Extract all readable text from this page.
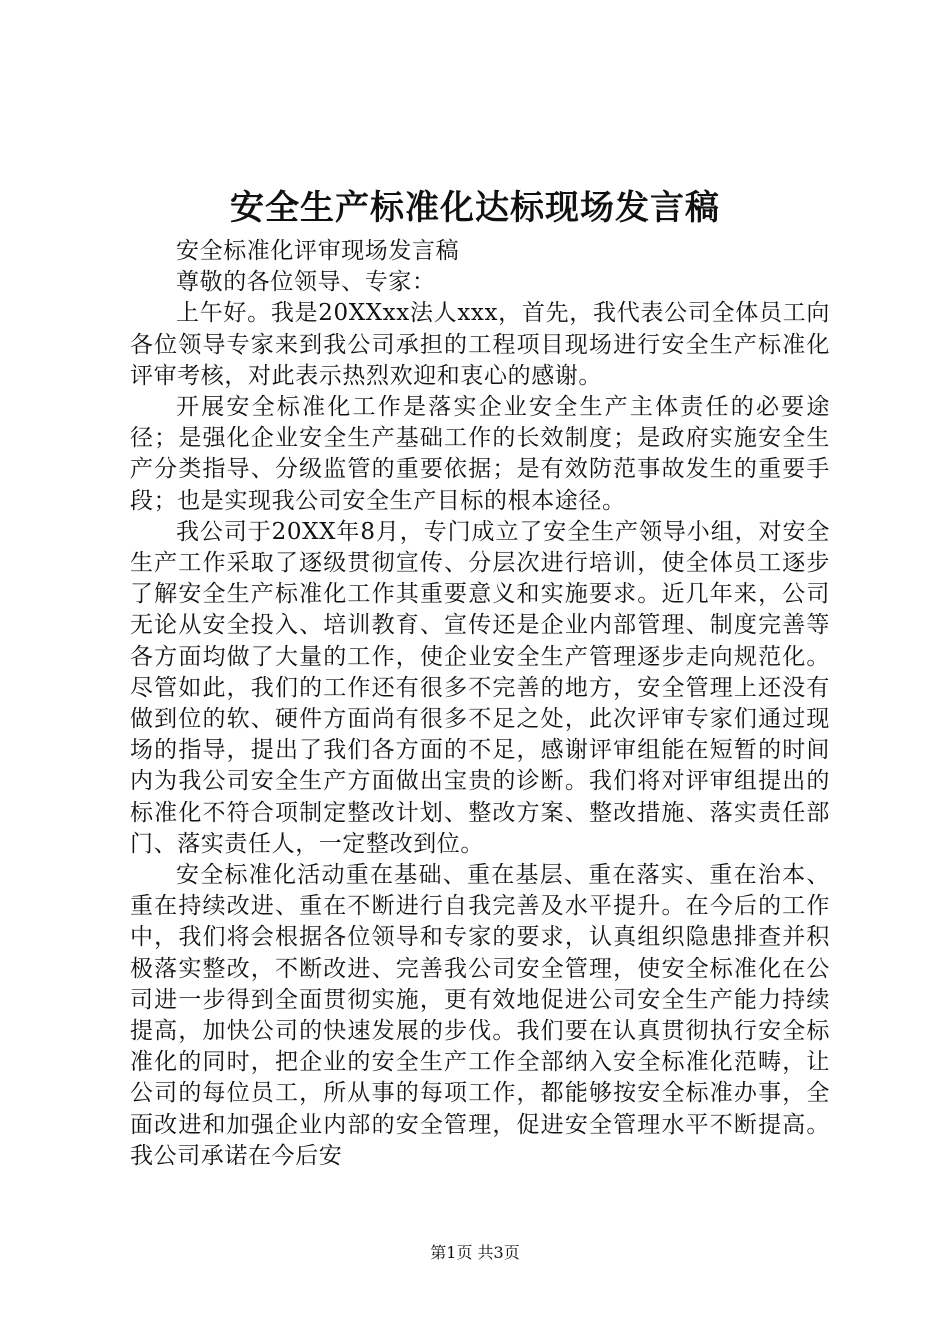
安全生产标准化达标现场发言稿

安全标准化评审现场发言稿

尊敬的各位领导、专家：

上午好。我是20XXxx法人xxx，首先，我代表公司全体员工向各位领导专家来到我公司承担的工程项目现场进行安全生产标准化评审考核，对此表示热烈欢迎和衷心的感谢。

开展安全标准化工作是落实企业安全生产主体责任的必要途径；是强化企业安全生产基础工作的长效制度；是政府实施安全生产分类指导、分级监管的重要依据；是有效防范事故发生的重要手段；也是实现我公司安全生产目标的根本途径。

我公司于20XX年8月，专门成立了安全生产领导小组，对安全生产工作采取了逐级贯彻宣传、分层次进行培训，使全体员工逐步了解安全生产标准化工作其重要意义和实施要求。近几年来，公司无论从安全投入、培训教育、宣传还是企业内部管理、制度完善等各方面均做了大量的工作，使企业安全生产管理逐步走向规范化。尽管如此，我们的工作还有很多不完善的地方，安全管理上还没有做到位的软、硬件方面尚有很多不足之处，此次评审专家们通过现场的指导，提出了我们各方面的不足，感谢评审组能在短暂的时间内为我公司安全生产方面做出宝贵的诊断。我们将对评审组提出的标准化不符合项制定整改计划、整改方案、整改措施、落实责任部门、落实责任人，一定整改到位。

安全标准化活动重在基础、重在基层、重在落实、重在治本、重在持续改进、重在不断进行自我完善及水平提升。在今后的工作中，我们将会根据各位领导和专家的要求，认真组织隐患排查并积极落实整改，不断改进、完善我公司安全管理，使安全标准化在公司进一步得到全面贯彻实施，更有效地促进公司安全生产能力持续提高，加快公司的快速发展的步伐。我们要在认真贯彻执行安全标准化的同时，把企业的安全生产工作全部纳入安全标准化范畴，让公司的每位员工，所从事的每项工作，都能够按安全标准办事，全面改进和加强企业内部的安全管理，促进安全管理水平不断提高。我公司承诺在今后安

第1页 共3页
